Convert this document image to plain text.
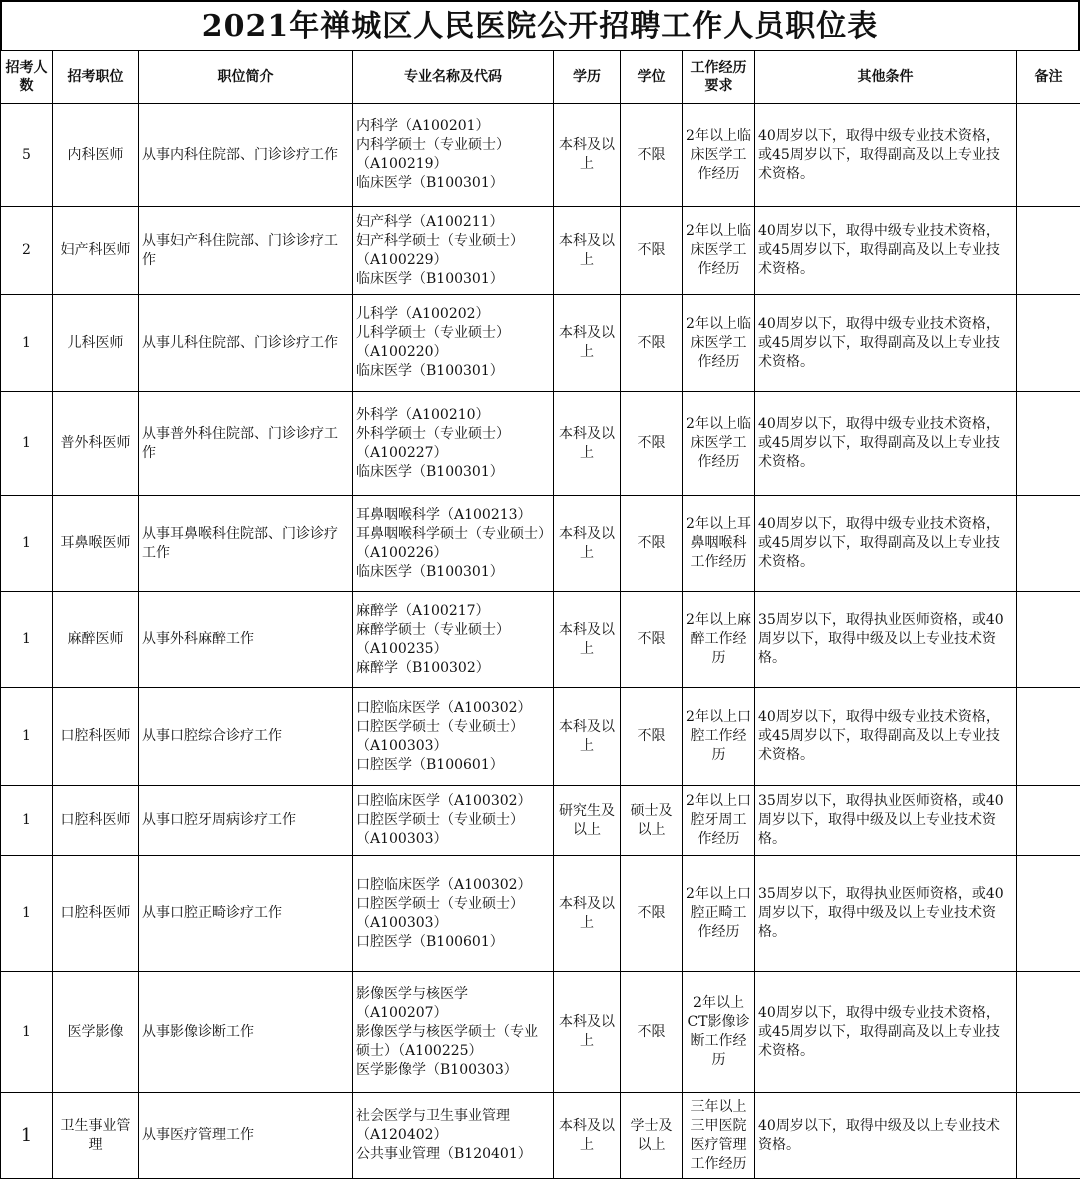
2021年禅城区人民医院公开招聘工作人员职位表
招考人数	招考职位	职位简介	专业名称及代码	学历	学位	工作经历要求	其他条件	备注
5	内科医师	从事内科住院部、门诊诊疗工作	内科学（A100201）
内科学硕士（专业硕士）（A100219）
临床医学（B100301）	本科及以上	不限	2年以上临床医学工作经历	40周岁以下，取得中级专业技术资格，或45周岁以下，取得副高及以上专业技术资格。	
2	妇产科医师	从事妇产科住院部、门诊诊疗工作	妇产科学（A100211）
妇产科学硕士（专业硕士）（A100229）
临床医学（B100301）	本科及以上	不限	2年以上临床医学工作经历	40周岁以下，取得中级专业技术资格，或45周岁以下，取得副高及以上专业技术资格。	
1	儿科医师	从事儿科住院部、门诊诊疗工作	儿科学（A100202）
儿科学硕士（专业硕士）（A100220）
临床医学（B100301）	本科及以上	不限	2年以上临床医学工作经历	40周岁以下，取得中级专业技术资格，或45周岁以下，取得副高及以上专业技术资格。	
1	普外科医师	从事普外科住院部、门诊诊疗工作	外科学（A100210）
外科学硕士（专业硕士）（A100227）
临床医学（B100301）	本科及以上	不限	2年以上临床医学工作经历	40周岁以下，取得中级专业技术资格，或45周岁以下，取得副高及以上专业技术资格。	
1	耳鼻喉医师	从事耳鼻喉科住院部、门诊诊疗工作	耳鼻咽喉科学（A100213）
耳鼻咽喉科学硕士（专业硕士）（A100226）
临床医学（B100301）	本科及以上	不限	2年以上耳鼻咽喉科工作经历	40周岁以下，取得中级专业技术资格，或45周岁以下，取得副高及以上专业技术资格。	
1	麻醉医师	从事外科麻醉工作	麻醉学（A100217）
麻醉学硕士（专业硕士）（A100235）
麻醉学（B100302）	本科及以上	不限	2年以上麻醉工作经历	35周岁以下，取得执业医师资格，或40周岁以下，取得中级及以上专业技术资格。	
1	口腔科医师	从事口腔综合诊疗工作	口腔临床医学（A100302）
口腔医学硕士（专业硕士）（A100303）
口腔医学（B100601）	本科及以上	不限	2年以上口腔工作经历	40周岁以下，取得中级专业技术资格，或45周岁以下，取得副高及以上专业技术资格。	
1	口腔科医师	从事口腔牙周病诊疗工作	口腔临床医学（A100302）
口腔医学硕士（专业硕士）（A100303）	研究生及以上	硕士及以上	2年以上口腔牙周工作经历	35周岁以下，取得执业医师资格，或40周岁以下，取得中级及以上专业技术资格。	
1	口腔科医师	从事口腔正畸诊疗工作	口腔临床医学（A100302）
口腔医学硕士（专业硕士）（A100303）
口腔医学（B100601）	本科及以上	不限	2年以上口腔正畸工作经历	35周岁以下，取得执业医师资格，或40周岁以下，取得中级及以上专业技术资格。	
1	医学影像	从事影像诊断工作	影像医学与核医学（A100207）
影像医学与核医学硕士（专业硕士）（A100225）
医学影像学（B100303）	本科及以上	不限	2年以上CT影像诊断工作经历	40周岁以下，取得中级专业技术资格，或45周岁以下，取得副高及以上专业技术资格。	
1	卫生事业管理	从事医疗管理工作	社会医学与卫生事业管理（A120402）
公共事业管理（B120401）	本科及以上	学士及以上	三年以上三甲医院医疗管理工作经历	40周岁以下，取得中级及以上专业技术资格。	
